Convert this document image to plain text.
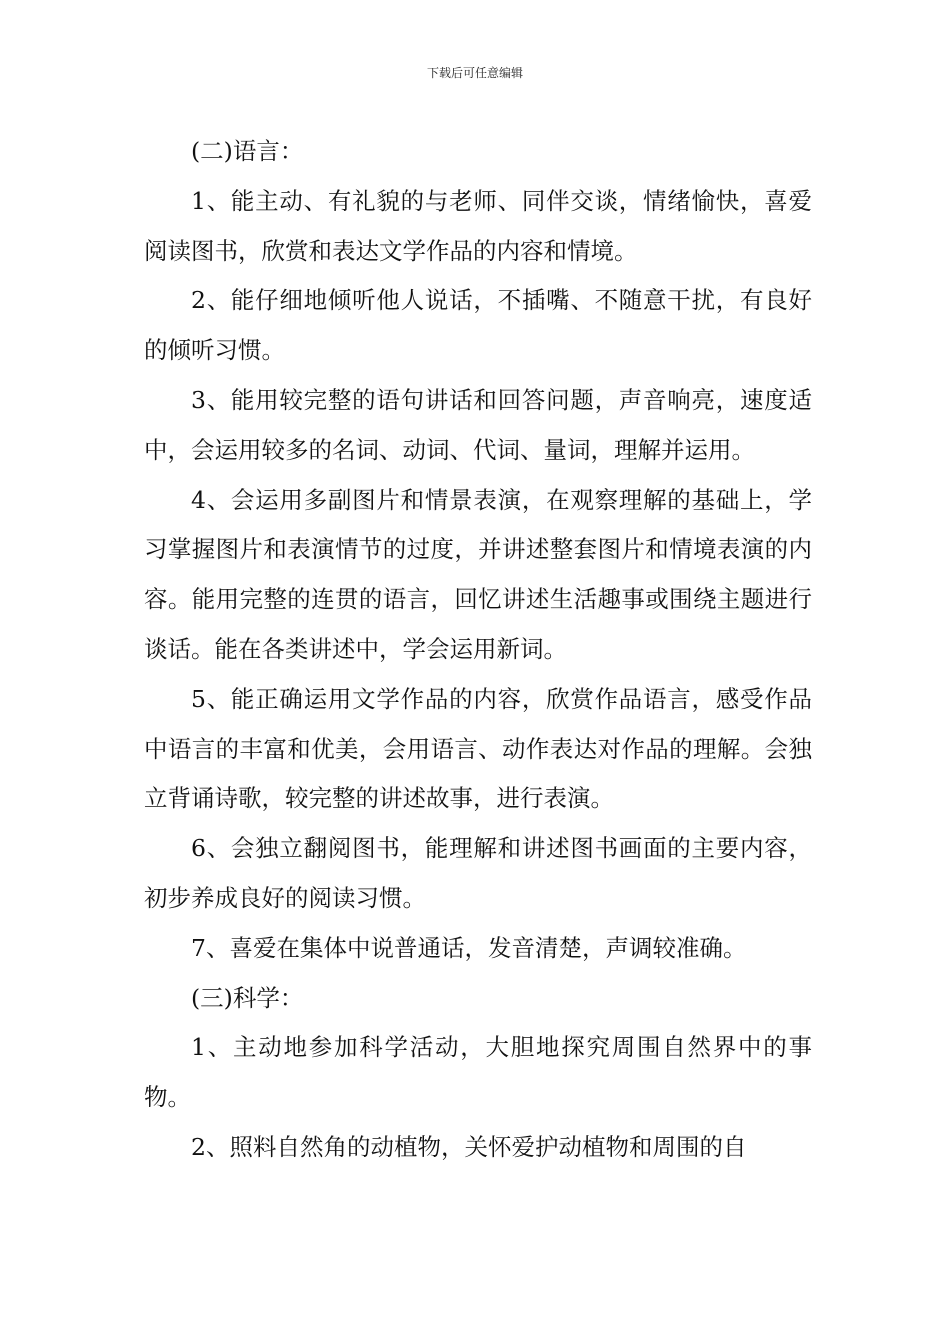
下载后可任意编辑

(二)语言：

1、能主动、有礼貌的与老师、同伴交谈，情绪愉快，喜爱阅读图书，欣赏和表达文学作品的内容和情境。

2、能仔细地倾听他人说话，不插嘴、不随意干扰，有良好的倾听习惯。

3、能用较完整的语句讲话和回答问题，声音响亮，速度适中，会运用较多的名词、动词、代词、量词，理解并运用。

4、会运用多副图片和情景表演，在观察理解的基础上，学习掌握图片和表演情节的过度，并讲述整套图片和情境表演的内容。能用完整的连贯的语言，回忆讲述生活趣事或围绕主题进行谈话。能在各类讲述中，学会运用新词。

5、能正确运用文学作品的内容，欣赏作品语言，感受作品中语言的丰富和优美，会用语言、动作表达对作品的理解。会独立背诵诗歌，较完整的讲述故事，进行表演。

6、会独立翻阅图书，能理解和讲述图书画面的主要内容，初步养成良好的阅读习惯。

7、喜爱在集体中说普通话，发音清楚，声调较准确。

(三)科学：

1、主动地参加科学活动，大胆地探究周围自然界中的事物。

2、照料自然角的动植物，关怀爱护动植物和周围的自
